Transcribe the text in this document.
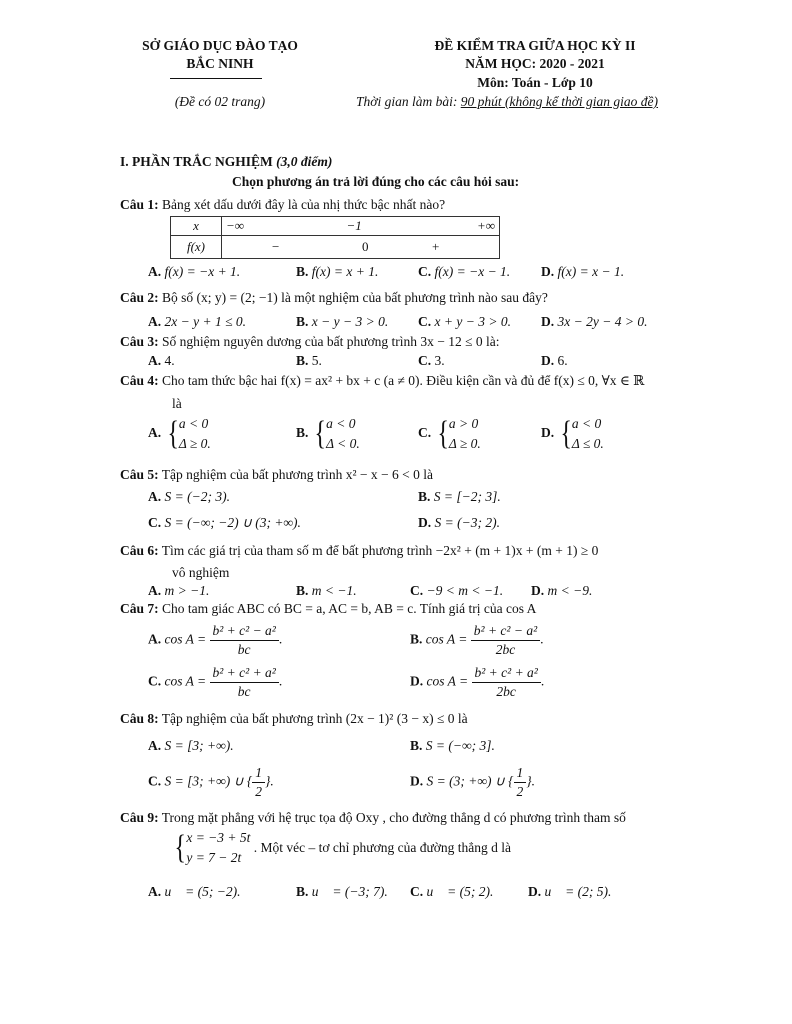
SỞ GIÁO DỤC ĐÀO TẠO
BẮC NINH
(Đề có 02 trang)
ĐỀ KIỂM TRA GIỮA HỌC KỲ II
NĂM HỌC: 2020 - 2021
Môn: Toán - Lớp 10
Thời gian làm bài: 90 phút (không kể thời gian giao đề)
I. PHẦN TRẮC NGHIỆM (3,0 điểm)
Chọn phương án trả lời đúng cho các câu hỏi sau:
Câu 1: Bảng xét dấu dưới đây là của nhị thức bậc nhất nào?
x	−∞ −1 +∞

f(x)	− 0 +
A. f(x) = −x + 1.	B. f(x) = x + 1.	C. f(x) = −x − 1. D. f(x) = x − 1.
Câu 2: Bộ số (x; y) = (2; −1) là một nghiệm của bất phương trình nào sau đây?
A. 2x − y + 1 ≤ 0.	B. x − y − 3 > 0. C. x + y − 3 > 0. D. 3x − 2y − 4 > 0.
Câu 3: Số nghiệm nguyên dương của bất phương trình 3x − 12 ≤ 0 là:
A. 4.	B. 5.	C. 3.	D. 6.
Câu 4: Cho tam thức bậc hai f(x) = ax² + bx + c (a ≠ 0). Điều kiện cần và đủ để f(x) ≤ 0, ∀x ∈ ℝ
là
A. {a < 0
Δ ≥ 0.
B. {a < 0
Δ < 0.
C. {a > 0
Δ ≥ 0.
D. {a < 0
Δ ≤ 0.
Câu 5: Tập nghiệm của bất phương trình x² − x − 6 < 0 là
A. S = (−2; 3).	B. S = [−2; 3].
C. S = (−∞; −2) ∪ (3; +∞).	D. S = (−3; 2).
Câu 6: Tìm các giá trị của tham số m để bất phương trình −2x² + (m + 1)x + (m + 1) ≥ 0
vô nghiệm
A. m > −1.	B. m < −1.	C. −9 < m < −1. D. m < −9.
Câu 7: Cho tam giác ABC có BC = a, AC = b, AB = c. Tính giá trị của cos A
A. $\cos A = \frac{\text{b² + c² − a²}}{bc}$ .	B. $\cos A = \frac{\text{b² + c² − a²}}{2bc}$ .
C. $\cos A = \frac{\text{b² + c² + a²}}{bc}$ .	D. $\cos A = \frac{\text{b² + c² + a²}}{2bc}$ .
Câu 8: Tập nghiệm của bất phương trình (2x − 1)² (3 − x) ≤ 0 là
A. S = [3; +∞).	B. S = (−∞; 3].
C. S = [3; +∞) ∪ { $\frac{1}{2}$ }.	D. S = (3; +∞) ∪ { $\frac{1}{2}$ }.
Câu 9: Trong mặt phẳng với hệ trục tọa độ Oxy , cho đường thẳng d có phương trình tham số
{x = −3 + 5t
y = 7 − 2t . Một véc – tơ chỉ phương của đường thẳng d là
A. u⃗ = (5; −2).	B. u⃗ = (−3; 7). C. u⃗ = (5; 2).	D. u⃗ = (2; 5).
